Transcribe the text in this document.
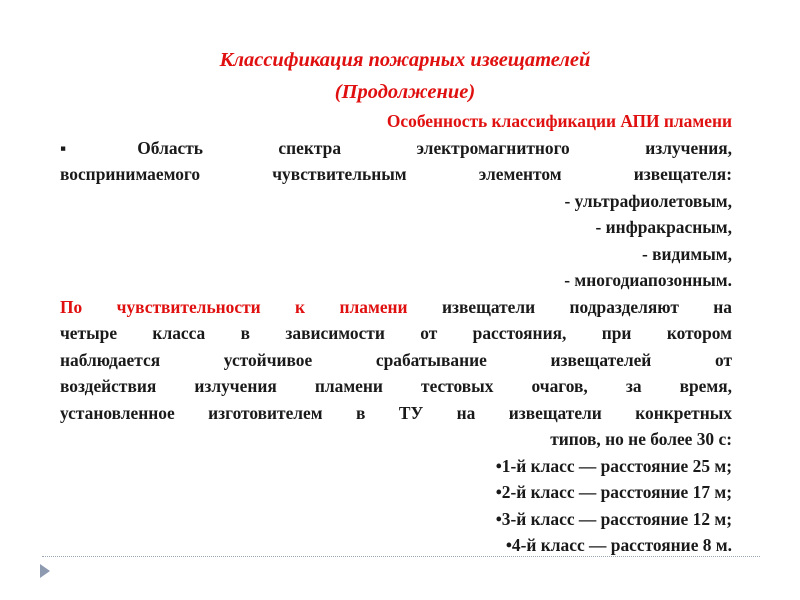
Классификация пожарных извещателей
(Продолжение)
Особенность классификации АПИ пламени
▪Область спектра электромагнитного излучения,
воспринимаемого чувствительным элементом извещателя:
- ультрафиолетовым,
- инфракрасным,
- видимым,
- многодиапозонным.
По чувствительности к пламени извещатели подразделяют на
четыре класса в зависимости от расстояния, при котором
наблюдается устойчивое срабатывание извещателей от
воздействия излучения пламени тестовых очагов, за время,
установленное изготовителем в ТУ на извещатели конкретных
типов, но не более 30 с:
•1-й класс — расстояние 25 м;
•2-й класс — расстояние 17 м;
•3-й класс — расстояние 12 м;
•4-й класс — расстояние 8 м.
